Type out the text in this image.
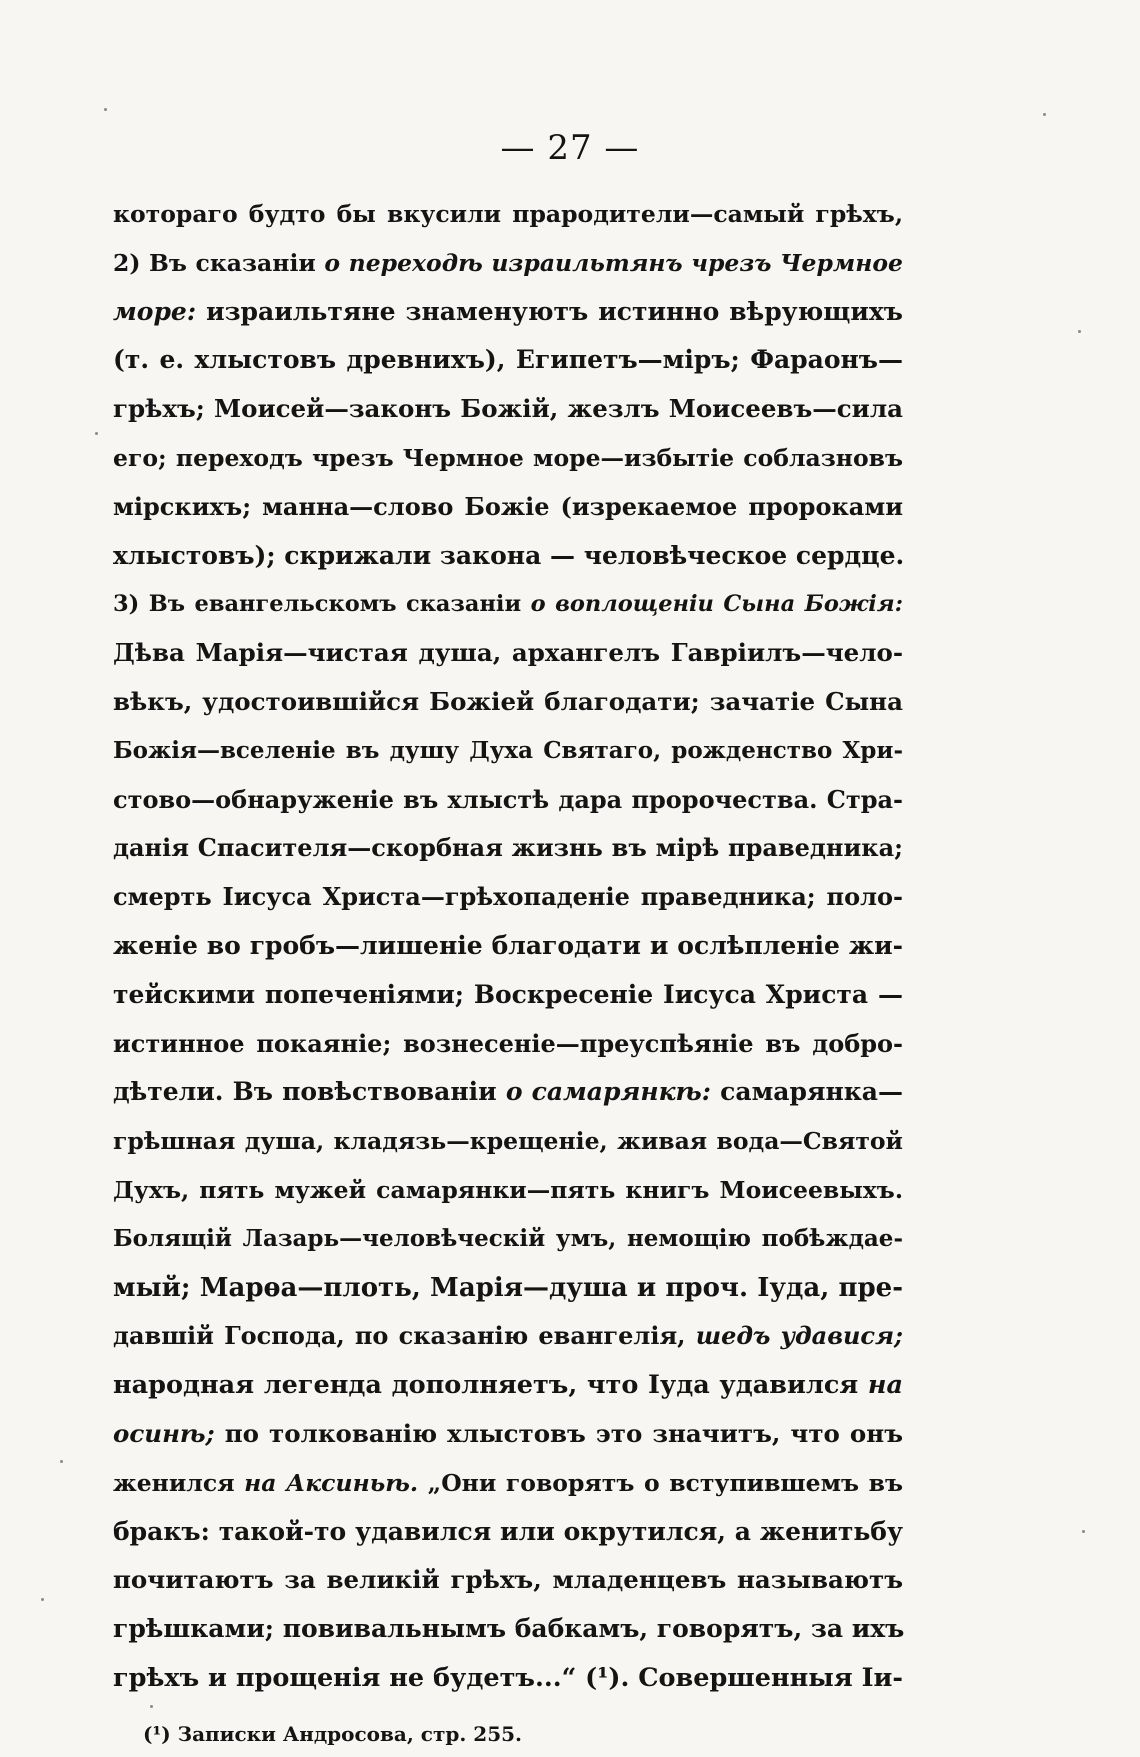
— 27 —
котораго будто бы вкусили прародители—самый грѣхъ,
2) Въ сказаніи о переходѣ израильтянъ чрезъ Чермное
море: израильтяне знаменуютъ истинно вѣрующихъ
(т. е. хлыстовъ древнихъ), Египетъ—міръ; Фараонъ—
грѣхъ; Моисей—законъ Божій, жезлъ Моисеевъ—сила
его; переходъ чрезъ Чермное море—избытіе соблазновъ
мірскихъ; манна—слово Божіе (изрекаемое пророками
хлыстовъ); скрижали закона — человѣческое сердце.
3) Въ евангельскомъ сказаніи о воплощеніи Сына Божія:
Дѣва Марія—чистая душа, архангелъ Гавріилъ—чело-
вѣкъ, удостоившійся Божіей благодати; зачатіе Сына
Божія—вселеніе въ душу Духа Святаго, рожденство Хри-
стово—обнаруженіе въ хлыстѣ дара пророчества. Стра-
данія Спасителя—скорбная жизнь въ мірѣ праведника;
смерть Іисуса Христа—грѣхопаденіе праведника; поло-
женіе во гробъ—лишеніе благодати и ослѣпленіе жи-
тейскими попеченіями; Воскресеніе Іисуса Христа —
истинное покаяніе; вознесеніе—преуспѣяніе въ добро-
дѣтели. Въ повѣствованіи о самарянкѣ: самарянка—
грѣшная душа, кладязь—крещеніе, живая вода—Святой
Духъ, пять мужей самарянки—пять книгъ Моисеевыхъ.
Болящій Лазарь—человѣческій умъ, немощію побѣждае-
мый; Марѳа—плоть, Марія—душа и проч. Іуда, пре-
давшій Господа, по сказанію евангелія, шедъ удавися;
народная легенда дополняетъ, что Іуда удавился на
осинѣ; по толкованію хлыстовъ это значитъ, что онъ
женился на Аксиньѣ. „Они говорятъ о вступившемъ въ
бракъ: такой-то удавился или окрутился, а женитьбу
почитаютъ за великій грѣхъ, младенцевъ называютъ
грѣшками; повивальнымъ бабкамъ, говорятъ, за ихъ
грѣхъ и прощенія не будетъ...“ (¹). Совершенныя Іи-
(¹) Записки Андросова, стр. 255.
